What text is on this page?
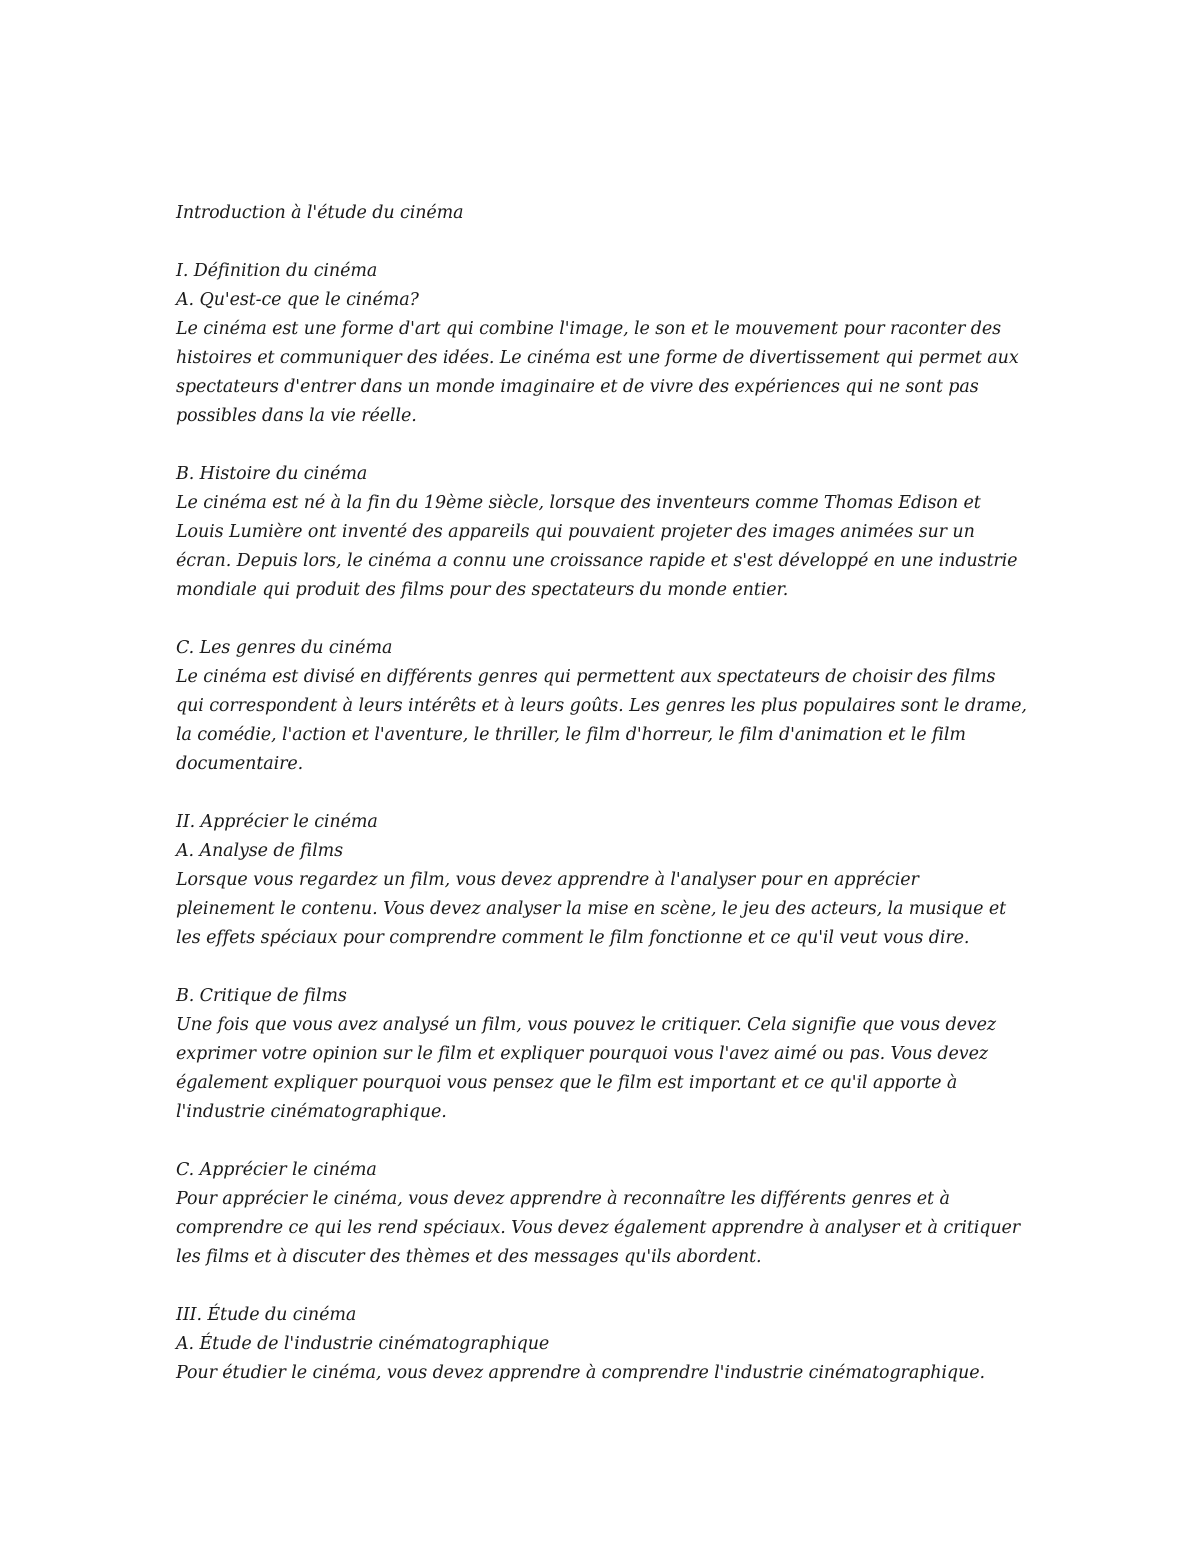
Introduction à l'étude du cinéma
I. Définition du cinéma
A. Qu'est-ce que le cinéma?
Le cinéma est une forme d'art qui combine l'image, le son et le mouvement pour raconter des
histoires et communiquer des idées. Le cinéma est une forme de divertissement qui permet aux
spectateurs d'entrer dans un monde imaginaire et de vivre des expériences qui ne sont pas
possibles dans la vie réelle.
B. Histoire du cinéma
Le cinéma est né à la fin du 19ème siècle, lorsque des inventeurs comme Thomas Edison et
Louis Lumière ont inventé des appareils qui pouvaient projeter des images animées sur un
écran. Depuis lors, le cinéma a connu une croissance rapide et s'est développé en une industrie
mondiale qui produit des films pour des spectateurs du monde entier.
C. Les genres du cinéma
Le cinéma est divisé en différents genres qui permettent aux spectateurs de choisir des films
qui correspondent à leurs intérêts et à leurs goûts. Les genres les plus populaires sont le drame,
la comédie, l'action et l'aventure, le thriller, le film d'horreur, le film d'animation et le film
documentaire.
II. Apprécier le cinéma
A. Analyse de films
Lorsque vous regardez un film, vous devez apprendre à l'analyser pour en apprécier
pleinement le contenu. Vous devez analyser la mise en scène, le jeu des acteurs, la musique et
les effets spéciaux pour comprendre comment le film fonctionne et ce qu'il veut vous dire.
B. Critique de films
Une fois que vous avez analysé un film, vous pouvez le critiquer. Cela signifie que vous devez
exprimer votre opinion sur le film et expliquer pourquoi vous l'avez aimé ou pas. Vous devez
également expliquer pourquoi vous pensez que le film est important et ce qu'il apporte à
l'industrie cinématographique.
C. Apprécier le cinéma
Pour apprécier le cinéma, vous devez apprendre à reconnaître les différents genres et à
comprendre ce qui les rend spéciaux. Vous devez également apprendre à analyser et à critiquer
les films et à discuter des thèmes et des messages qu'ils abordent.
III. Étude du cinéma
A. Étude de l'industrie cinématographique
Pour étudier le cinéma, vous devez apprendre à comprendre l'industrie cinématographique.
